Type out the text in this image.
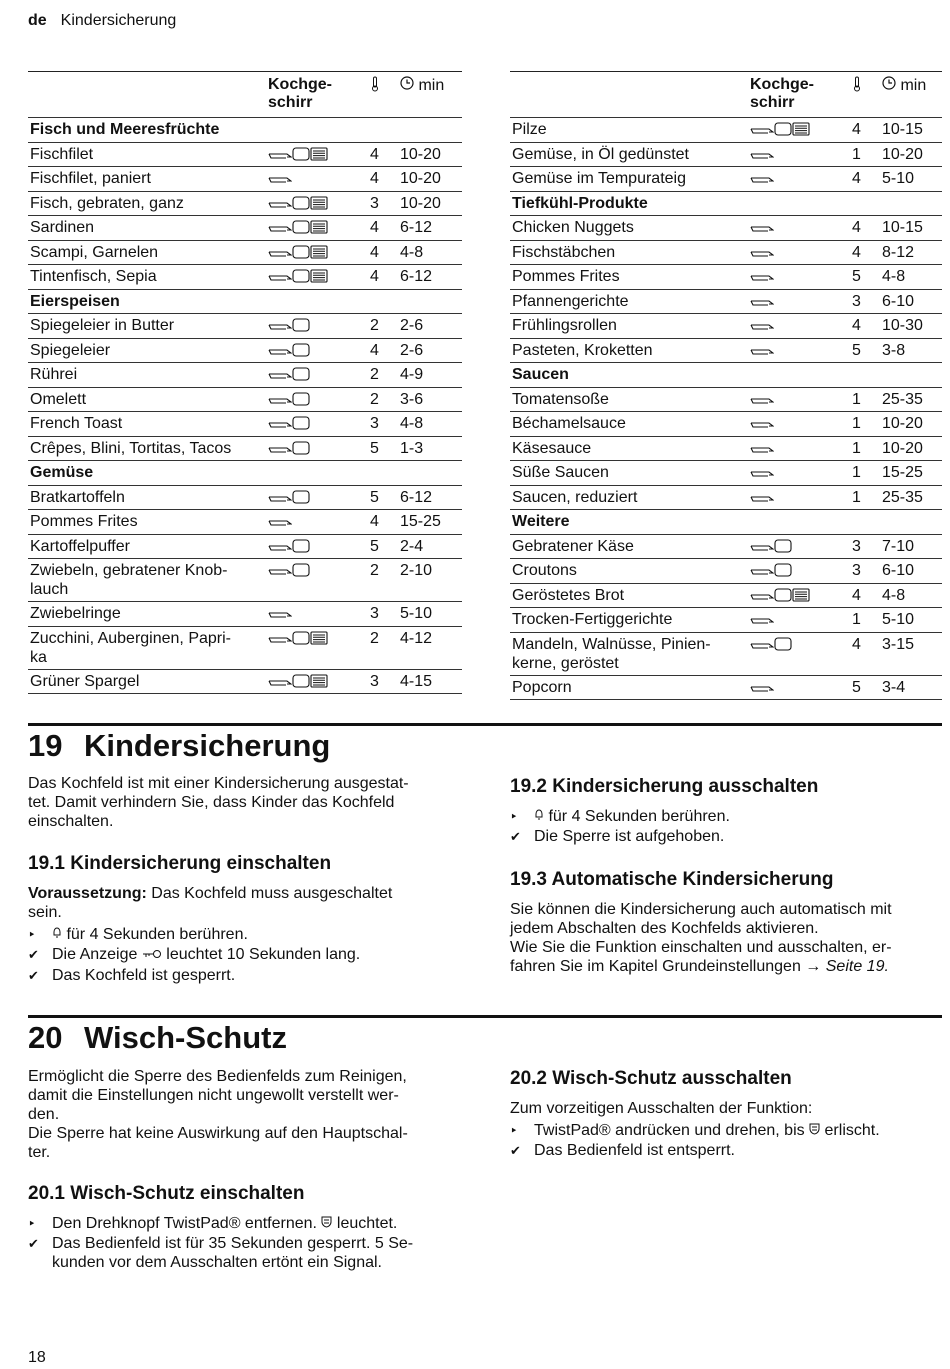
de Kindersicherung
Kochge-
schirr
min
Fisch und Meeresfrüchte
Fischfilet	4 10-20
Fischfilet, paniert	4 10-20
Fisch, gebraten, ganz	3 10-20
Sardinen	4 6-12
Scampi, Garnelen	4 4-8
Tintenfisch, Sepia	4 6-12
Eierspeisen
Spiegeleier in Butter	2 2-6
Spiegeleier	4 2-6
Rührei	2 4-9
Omelett	2 3-6
French Toast	3 4-8
Crêpes, Blini, Tortitas, Tacos	5 1-3
Gemüse
Bratkartoffeln	5 6-12
Pommes Frites	4 15-25
Kartoffelpuffer	5 2-4
Zwiebeln, gebratener Knob-
lauch
2 2-10
Zwiebelringe	3 5-10
Zucchini, Auberginen, Papri-
ka
2 4-12
Grüner Spargel	3 4-15
Kochge-
schirr
min
Pilze	4 10-15
Gemüse, in Öl gedünstet	1 10-20
Gemüse im Tempurateig	4 5-10
Tiefkühl-Produkte
Chicken Nuggets	4 10-15
Fischstäbchen	4 8-12
Pommes Frites	5 4-8
Pfannengerichte	3 6-10
Frühlingsrollen	4 10-30
Pasteten, Kroketten	5 3-8
Saucen
Tomatensoße	1 25-35
Béchamelsauce	1 10-20
Käsesauce	1 10-20
Süße Saucen	1 15-25
Saucen, reduziert	1 25-35
Weitere
Gebratener Käse	3 7-10
Croutons	3 6-10
Geröstetes Brot	4 4-8
Trocken-Fertiggerichte	1 5-10
Mandeln, Walnüsse, Pinien-
kerne, geröstet
4 3-15
Popcorn	5 3-4
19 Kindersicherung

Das Kochfeld ist mit einer Kindersicherung ausgestat-
tet. Damit verhindern Sie, dass Kinder das Kochfeld
einschalten.

19.1 Kindersicherung einschalten

Voraussetzung: Das Kochfeld muss ausgeschaltet
sein.

‣ für 4 Sekunden berühren.
✔ Die Anzeige leuchtet 10 Sekunden lang.
✔ Das Kochfeld ist gesperrt.
19.2 Kindersicherung ausschalten
‣ für 4 Sekunden berühren.
✔ Die Sperre ist aufgehoben.
19.3 Automatische Kindersicherung

Sie können die Kindersicherung auch automatisch mit
jedem Abschalten des Kochfelds aktivieren.
Wie Sie die Funktion einschalten und ausschalten, er-
fahren Sie im Kapitel Grundeinstellungen → Seite 19.

20 Wisch-Schutz

Ermöglicht die Sperre des Bedienfelds zum Reinigen,
damit die Einstellungen nicht ungewollt verstellt wer-
den.
Die Sperre hat keine Auswirkung auf den Hauptschal-
ter.

20.1 Wisch-Schutz einschalten
‣ Den Drehknopf TwistPad® entfernen. leuchtet.
✔ Das Bedienfeld ist für 35 Sekunden gesperrt. 5 Se-
kunden vor dem Ausschalten ertönt ein Signal.
20.2 Wisch-Schutz ausschalten

Zum vorzeitigen Ausschalten der Funktion:

‣ TwistPad® andrücken und drehen, bis erlischt.
✔ Das Bedienfeld ist entsperrt.
18
